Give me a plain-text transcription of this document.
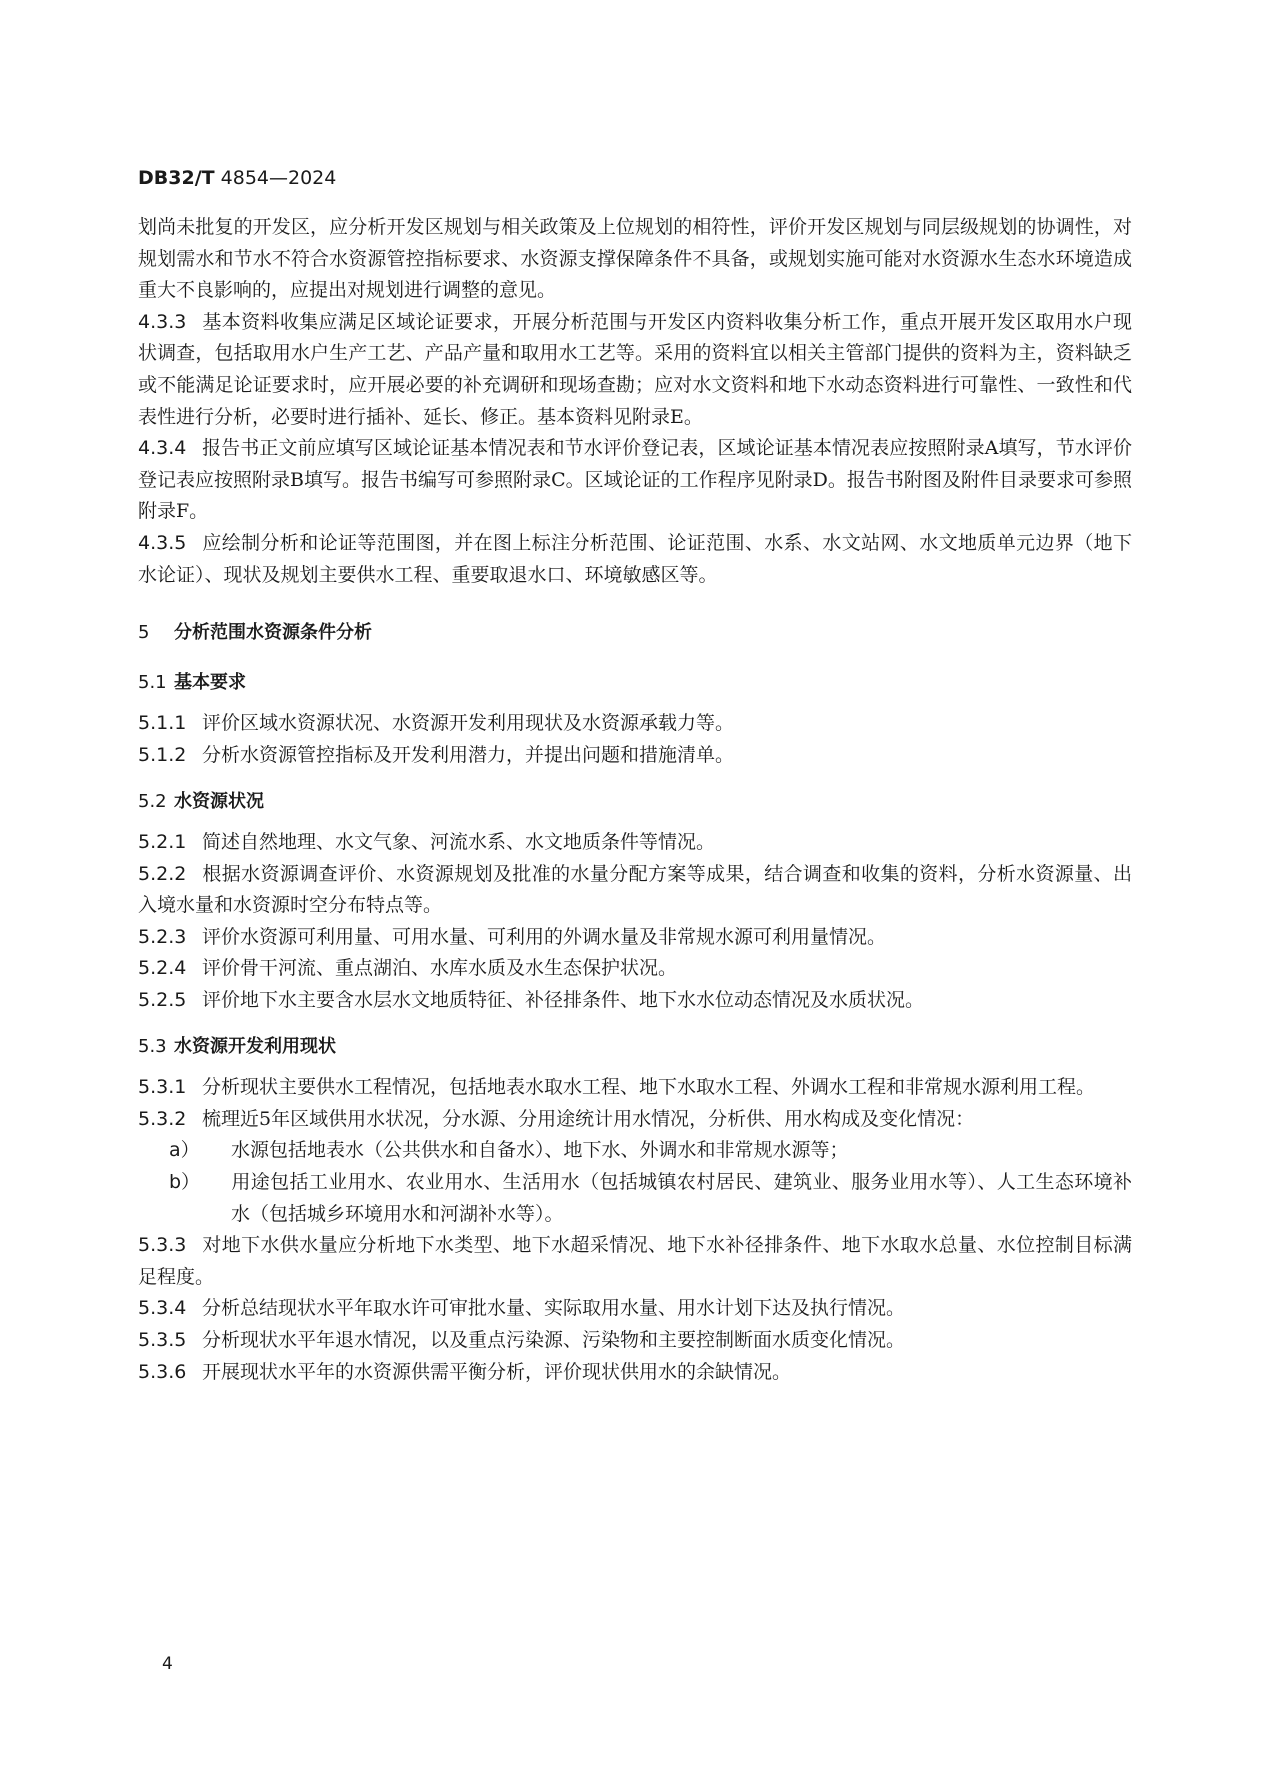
DB32/T 4854—2024

划尚未批复的开发区，应分析开发区规划与相关政策及上位规划的相符性，评价开发区规划与同层级规划的协调性，对规划需水和节水不符合水资源管控指标要求、水资源支撑保障条件不具备，或规划实施可能对水资源水生态水环境造成重大不良影响的，应提出对规划进行调整的意见。

4.3.3 基本资料收集应满足区域论证要求，开展分析范围与开发区内资料收集分析工作，重点开展开发区取用水户现状调查，包括取用水户生产工艺、产品产量和取用水工艺等。采用的资料宜以相关主管部门提供的资料为主，资料缺乏或不能满足论证要求时，应开展必要的补充调研和现场查勘；应对水文资料和地下水动态资料进行可靠性、一致性和代表性进行分析，必要时进行插补、延长、修正。基本资料见附录E。

4.3.4 报告书正文前应填写区域论证基本情况表和节水评价登记表，区域论证基本情况表应按照附录A填写，节水评价登记表应按照附录B填写。报告书编写可参照附录C。区域论证的工作程序见附录D。报告书附图及附件目录要求可参照附录F。

4.3.5 应绘制分析和论证等范围图，并在图上标注分析范围、论证范围、水系、水文站网、水文地质单元边界（地下水论证）、现状及规划主要供水工程、重要取退水口、环境敏感区等。

5 分析范围水资源条件分析

5.1 基本要求

5.1.1 评价区域水资源状况、水资源开发利用现状及水资源承载力等。

5.1.2 分析水资源管控指标及开发利用潜力，并提出问题和措施清单。

5.2 水资源状况

5.2.1 简述自然地理、水文气象、河流水系、水文地质条件等情况。

5.2.2 根据水资源调查评价、水资源规划及批准的水量分配方案等成果，结合调查和收集的资料，分析水资源量、出入境水量和水资源时空分布特点等。

5.2.3 评价水资源可利用量、可用水量、可利用的外调水量及非常规水源可利用量情况。

5.2.4 评价骨干河流、重点湖泊、水库水质及水生态保护状况。

5.2.5 评价地下水主要含水层水文地质特征、补径排条件、地下水水位动态情况及水质状况。

5.3 水资源开发利用现状

5.3.1 分析现状主要供水工程情况，包括地表水取水工程、地下水取水工程、外调水工程和非常规水源利用工程。

5.3.2 梳理近5年区域供用水状况，分水源、分用途统计用水情况，分析供、用水构成及变化情况：

a） 水源包括地表水（公共供水和自备水）、地下水、外调水和非常规水源等；

b） 用途包括工业用水、农业用水、生活用水（包括城镇农村居民、建筑业、服务业用水等）、人工生态环境补水（包括城乡环境用水和河湖补水等）。

5.3.3 对地下水供水量应分析地下水类型、地下水超采情况、地下水补径排条件、地下水取水总量、水位控制目标满足程度。

5.3.4 分析总结现状水平年取水许可审批水量、实际取用水量、用水计划下达及执行情况。

5.3.5 分析现状水平年退水情况，以及重点污染源、污染物和主要控制断面水质变化情况。

5.3.6 开展现状水平年的水资源供需平衡分析，评价现状供用水的余缺情况。

4
